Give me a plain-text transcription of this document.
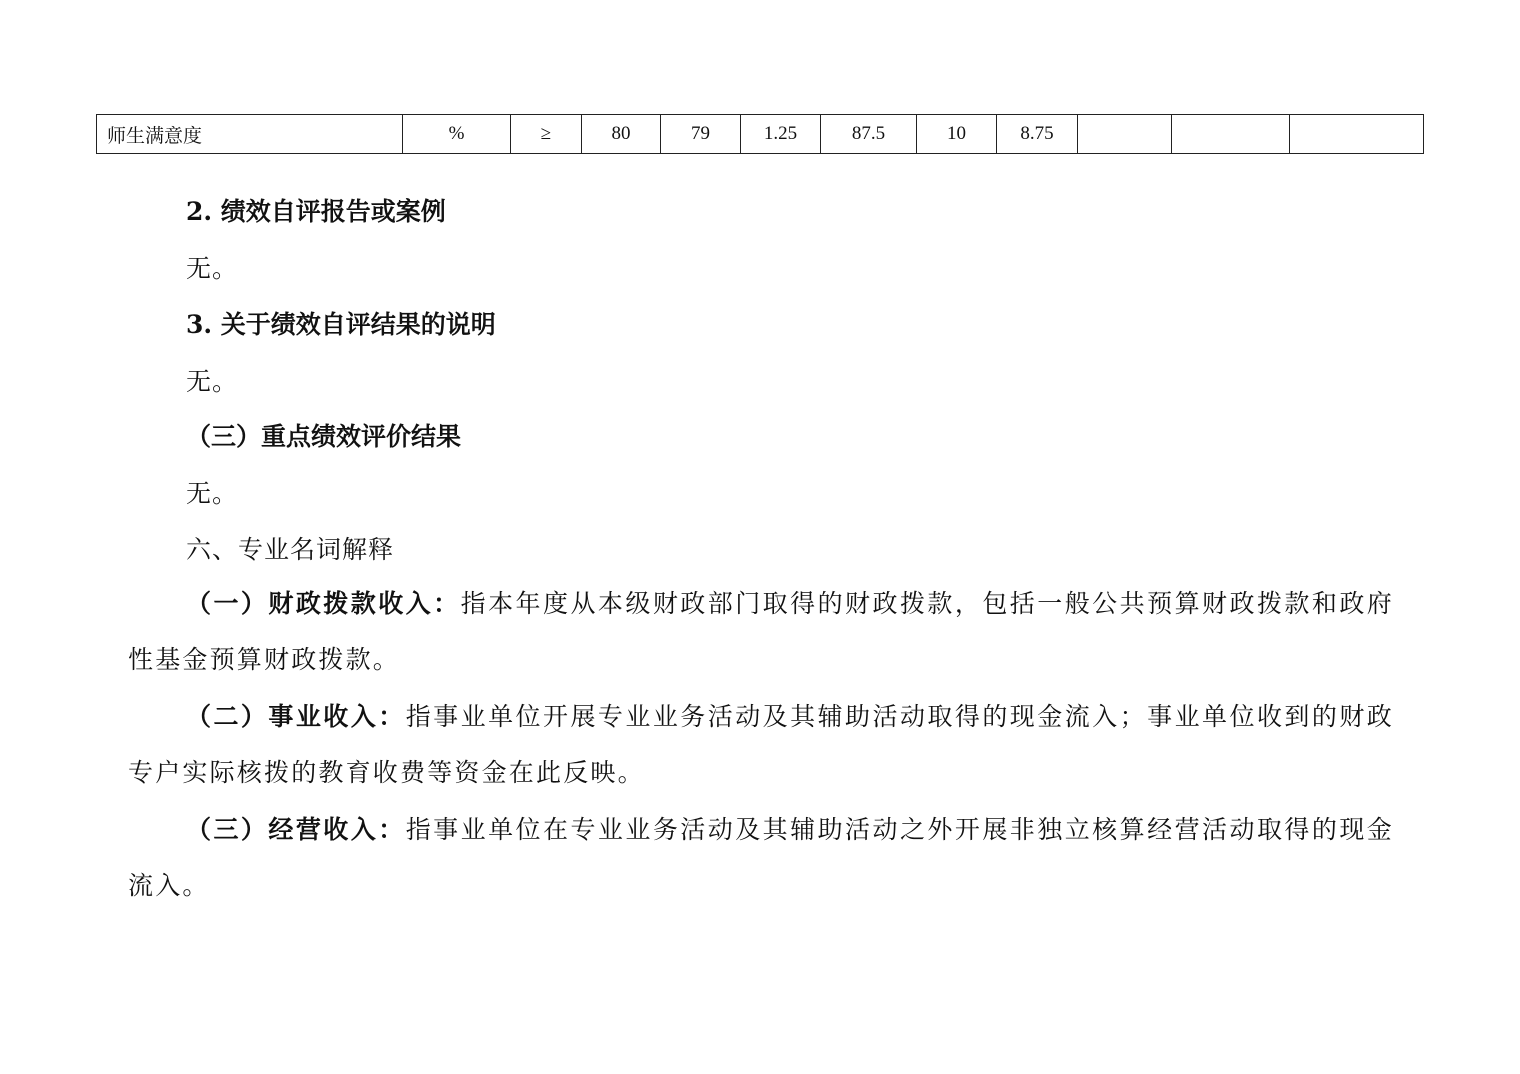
师生满意度	%	≥	80	79	1.25	87.5	10	8.75			
2. 绩效自评报告或案例
无。
3. 关于绩效自评结果的说明
无。
（三）重点绩效评价结果
无。
六、专业名词解释

（一）财政拨款收入：指本年度从本级财政部门取得的财政拨款，包括一般公共预算财政拨款和政府性基金预算财政拨款。

（二）事业收入：指事业单位开展专业业务活动及其辅助活动取得的现金流入；事业单位收到的财政专户实际核拨的教育收费等资金在此反映。

（三）经营收入：指事业单位在专业业务活动及其辅助活动之外开展非独立核算经营活动取得的现金流入。
